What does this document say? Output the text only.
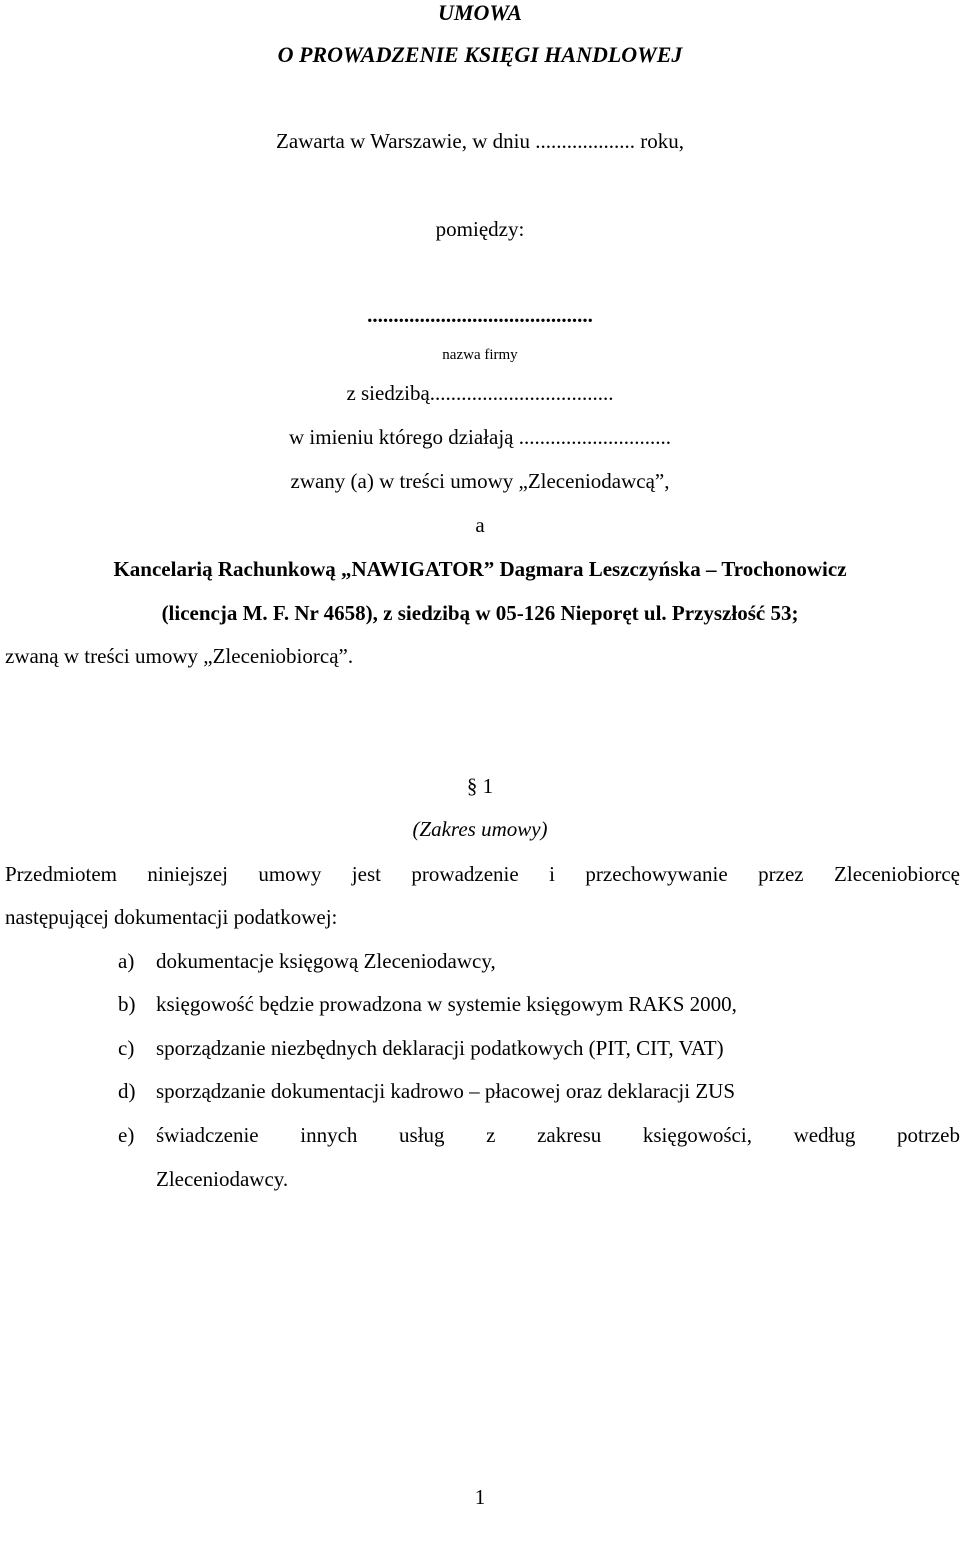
UMOWA
O PROWADZENIE KSIĘGI HANDLOWEJ
Zawarta w Warszawie, w dniu ................... roku,
pomiędzy:
...........................................
nazwa firmy
z siedzibą...................................
w imieniu którego działają .............................
zwany (a) w treści umowy „Zleceniodawcą”,
a
Kancelarią Rachunkową „NAWIGATOR” Dagmara Leszczyńska – Trochonowicz
(licencja M. F. Nr 4658), z siedzibą w 05-126 Nieporęt ul. Przyszłość 53;
zwaną w treści umowy „Zleceniobiorcą”.
§ 1
(Zakres umowy)
Przedmiotem niniejszej umowy jest prowadzenie i przechowywanie przez Zleceniobiorcę
następującej dokumentacji podatkowej:
a) dokumentacje księgową Zleceniodawcy,
b) księgowość będzie prowadzona w systemie księgowym RAKS 2000,
c) sporządzanie niezbędnych deklaracji podatkowych (PIT, CIT, VAT)
d) sporządzanie dokumentacji kadrowo – płacowej oraz deklaracji ZUS
e) świadczenie innych usług z zakresu księgowości, według potrzeb
Zleceniodawcy.
1
